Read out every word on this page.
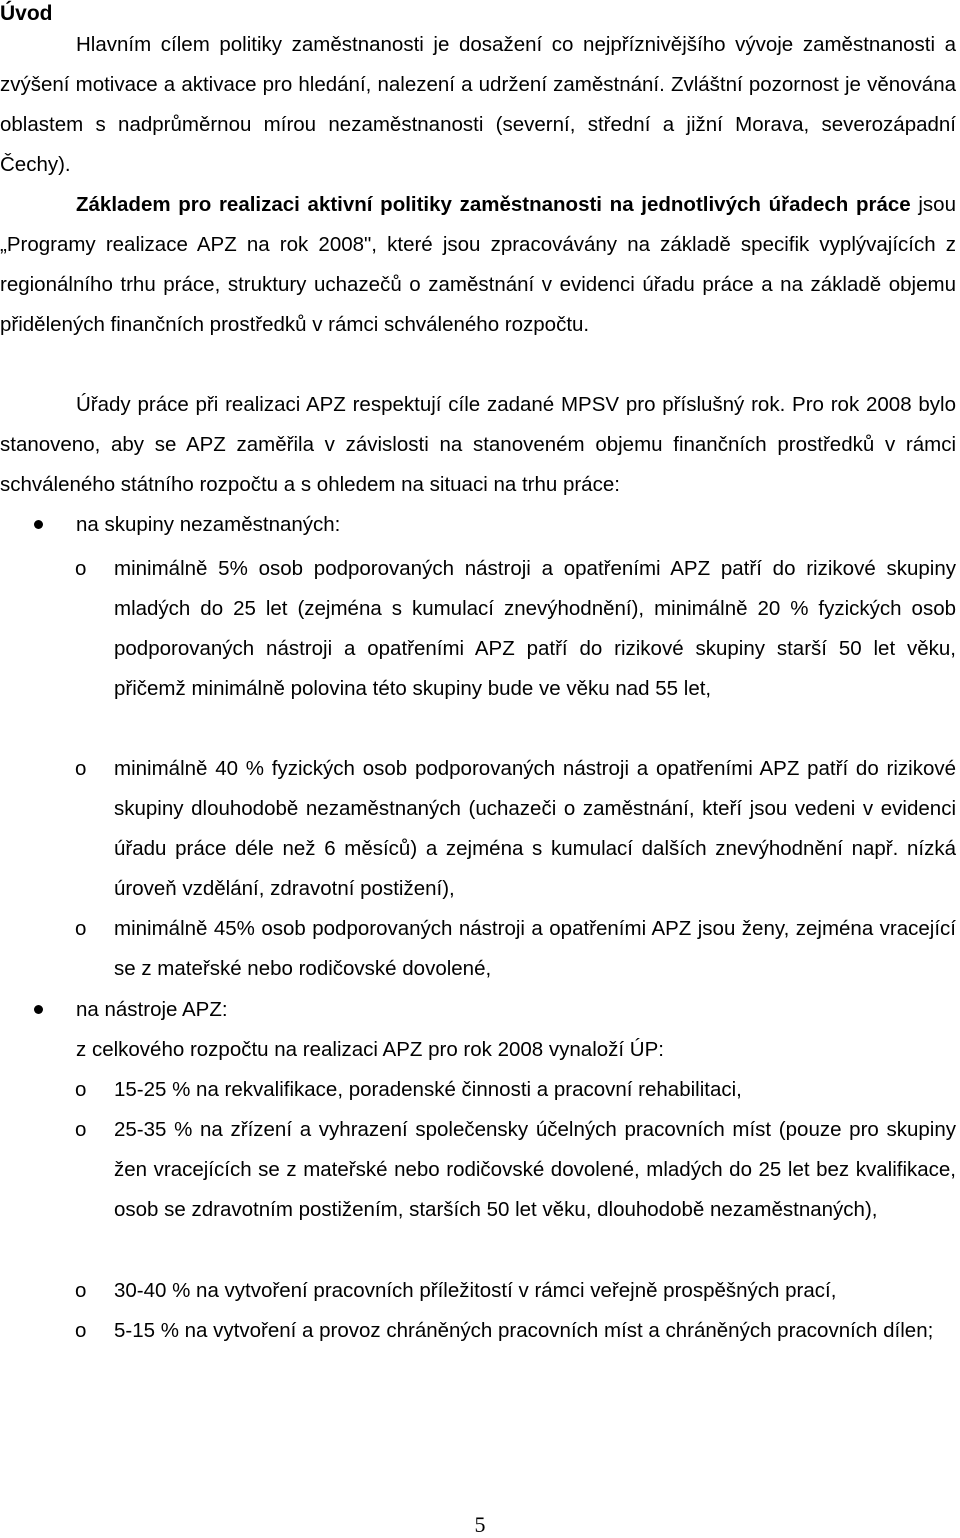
Úvod

Hlavním cílem politiky zaměstnanosti je dosažení co nejpříznivějšího vývoje zaměstnanosti a zvýšení motivace a aktivace pro hledání, nalezení a udržení zaměstnání. Zvláštní pozornost je věnována oblastem s nadprůměrnou mírou nezaměstnanosti (severní, střední a jižní Morava, severozápadní Čechy).

Základem pro realizaci aktivní politiky zaměstnanosti na jednotlivých úřadech práce jsou „Programy realizace APZ na rok 2008", které jsou zpracovávány na základě specifik vyplývajících z regionálního trhu práce, struktury uchazečů o zaměstnání v evidenci úřadu práce a na základě objemu přidělených finančních prostředků v rámci schváleného rozpočtu.

Úřady práce při realizaci APZ respektují cíle zadané MPSV pro příslušný rok. Pro rok 2008 bylo stanoveno, aby se APZ zaměřila v závislosti na stanoveném objemu finančních prostředků v rámci schváleného státního rozpočtu a s ohledem na situaci na trhu práce:

na skupiny nezaměstnaných:
o minimálně 5% osob podporovaných nástroji a opatřeními APZ patří do rizikové skupiny mladých do 25 let (zejména s kumulací znevýhodnění), minimálně 20 % fyzických osob podporovaných nástroji a opatřeními APZ patří do rizikové skupiny starší 50 let věku, přičemž minimálně polovina této skupiny bude ve věku nad 55 let,
o minimálně 40 % fyzických osob podporovaných nástroji a opatřeními APZ patří do rizikové skupiny dlouhodobě nezaměstnaných (uchazeči o zaměstnání, kteří jsou vedeni v evidenci úřadu práce déle než 6 měsíců) a zejména s kumulací dalších znevýhodnění např. nízká úroveň vzdělání, zdravotní postižení),
o minimálně 45% osob podporovaných nástroji a opatřeními APZ jsou ženy, zejména vracející se z mateřské nebo rodičovské dovolené,
na nástroje APZ:
z celkového rozpočtu na realizaci APZ pro rok 2008 vynaloží ÚP:
o 15-25 % na rekvalifikace, poradenské činnosti a pracovní rehabilitaci,
o 25-35 % na zřízení a vyhrazení společensky účelných pracovních míst (pouze pro skupiny žen vracejících se z mateřské nebo rodičovské dovolené, mladých do 25 let bez kvalifikace, osob se zdravotním postižením, starších 50 let věku, dlouhodobě nezaměstnaných),
o 30-40 % na vytvoření pracovních příležitostí v rámci veřejně prospěšných prací,
o 5-15 % na vytvoření a provoz chráněných pracovních míst a chráněných pracovních dílen;
5
